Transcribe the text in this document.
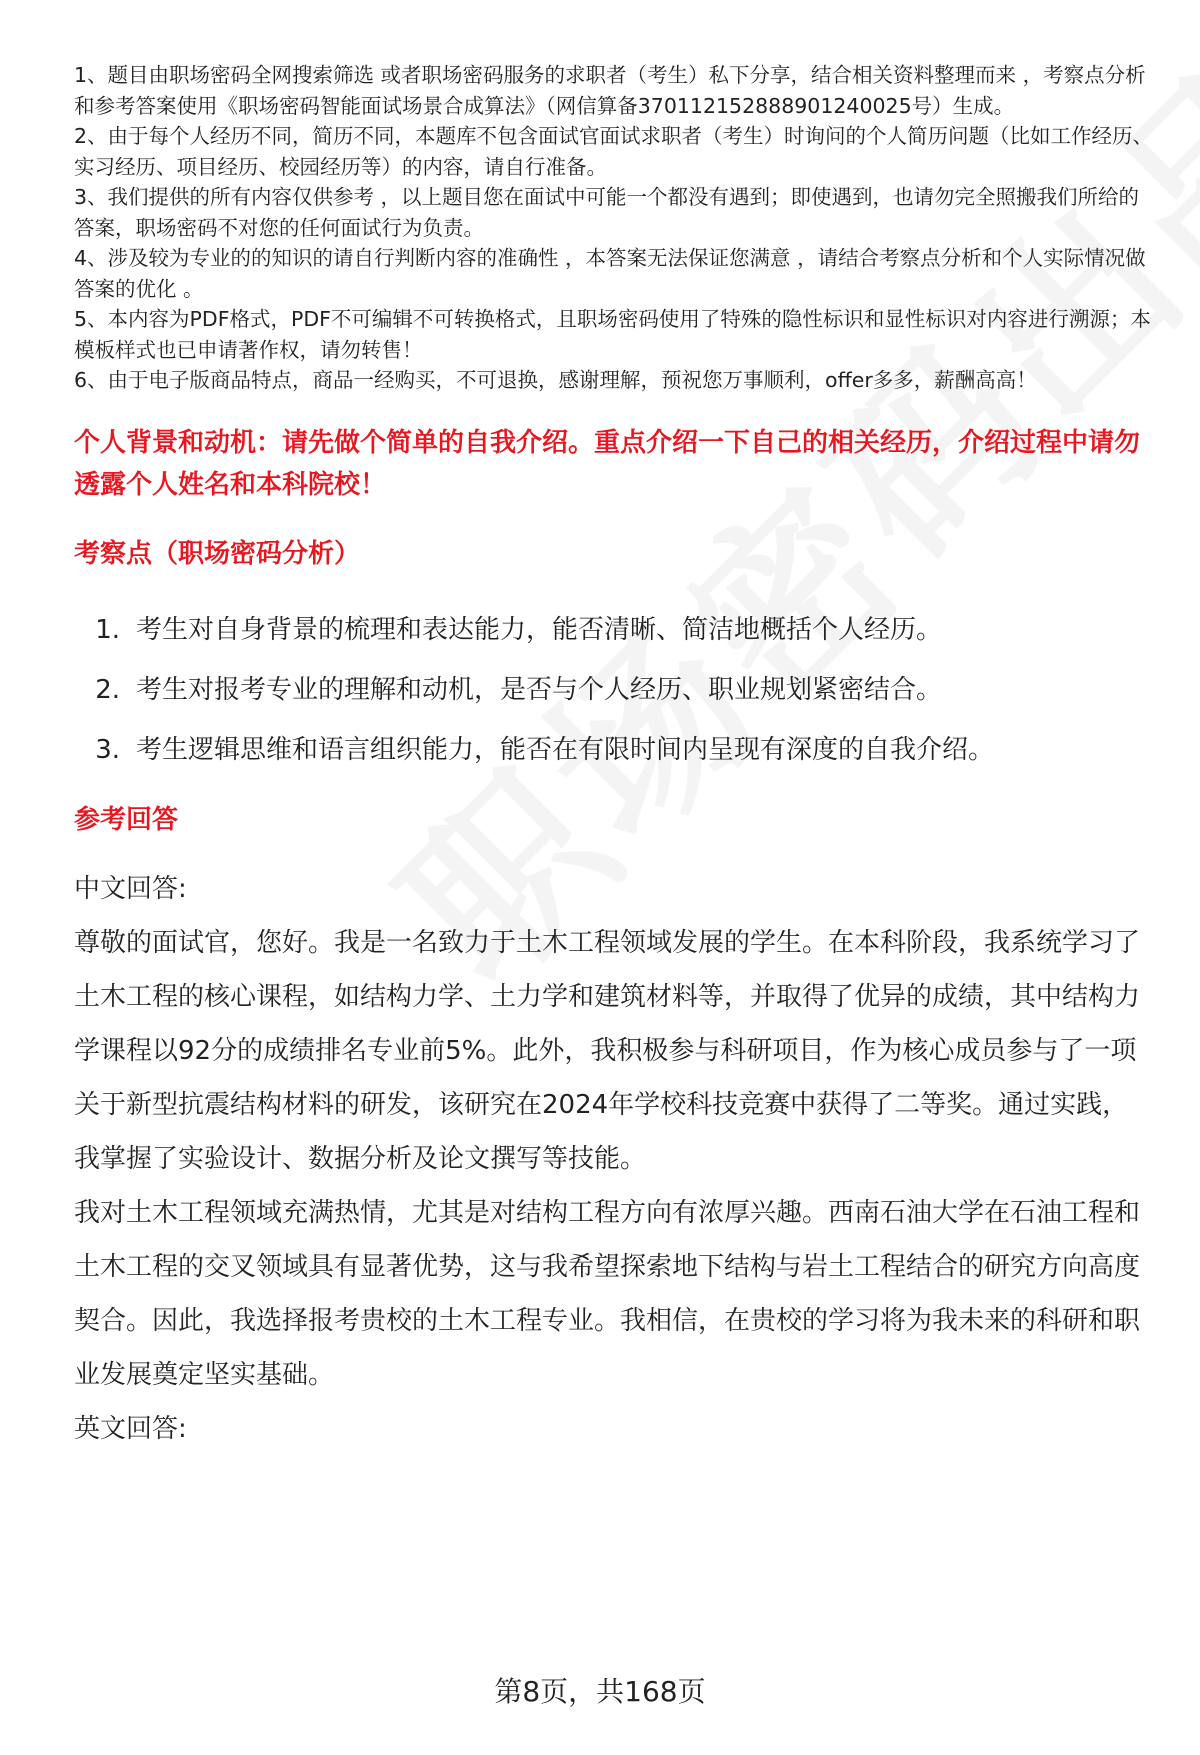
1、题目由职场密码全网搜索筛选 或者职场密码服务的求职者（考生）私下分享，结合相关资料整理而来 ，考察点分析和参考答案使用《职场密码智能面试场景合成算法》（网信算备370112152888901240025号）生成。
2、由于每个人经历不同，简历不同，本题库不包含面试官面试求职者（考生）时询问的个人简历问题（比如工作经历、实习经历、项目经历、校园经历等）的内容，请自行准备。
3、我们提供的所有内容仅供参考 ，以上题目您在面试中可能一个都没有遇到；即使遇到，也请勿完全照搬我们所给的答案，职场密码不对您的任何面试行为负责。
4、涉及较为专业的的知识的请自行判断内容的准确性 ，本答案无法保证您满意 ，请结合考察点分析和个人实际情况做答案的优化 。
5、本内容为PDF格式，PDF不可编辑不可转换格式，且职场密码使用了特殊的隐性标识和显性标识对内容进行溯源；本模板样式也已申请著作权，请勿转售！
6、由于电子版商品特点，商品一经购买，不可退换，感谢理解，预祝您万事顺利，offer多多，薪酬高高！
个人背景和动机：请先做个简单的自我介绍。重点介绍一下自己的相关经历，介绍过程中请勿透露个人姓名和本科院校！
考察点（职场密码分析）
1. 考生对自身背景的梳理和表达能力，能否清晰、简洁地概括个人经历。
2. 考生对报考专业的理解和动机，是否与个人经历、职业规划紧密结合。
3. 考生逻辑思维和语言组织能力，能否在有限时间内呈现有深度的自我介绍。
参考回答

中文回答:

尊敬的面试官，您好。我是一名致力于土木工程领域发展的学生。在本科阶段，我系统学习了土木工程的核心课程，如结构力学、土力学和建筑材料等，并取得了优异的成绩，其中结构力学课程以92分的成绩排名专业前5%。此外，我积极参与科研项目，作为核心成员参与了一项关于新型抗震结构材料的研发，该研究在2024年学校科技竞赛中获得了二等奖。通过实践，我掌握了实验设计、数据分析及论文撰写等技能。

我对土木工程领域充满热情，尤其是对结构工程方向有浓厚兴趣。西南石油大学在石油工程和土木工程的交叉领域具有显著优势，这与我希望探索地下结构与岩土工程结合的研究方向高度契合。因此，我选择报考贵校的土木工程专业。我相信，在贵校的学习将为我未来的科研和职业发展奠定坚实基础。

英文回答:

第8页，共168页
